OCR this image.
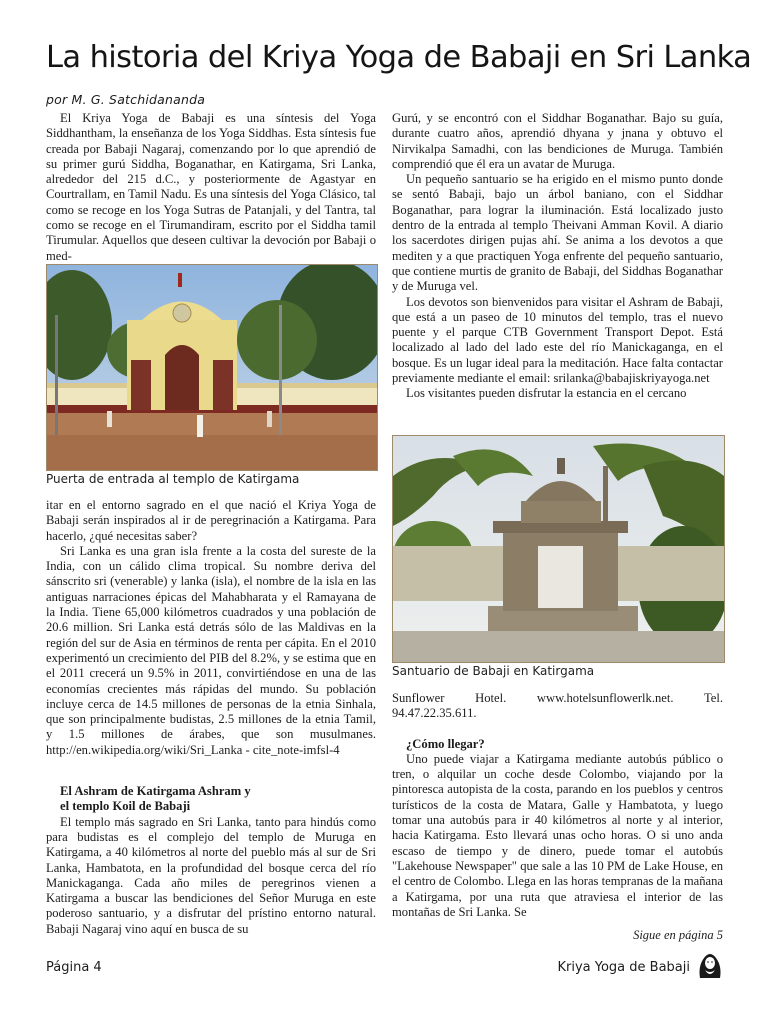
La historia del Kriya Yoga de Babaji en Sri Lanka
por M. G. Satchidananda

El Kriya Yoga de Babaji es una síntesis del Yoga Siddhantham, la enseñanza de los Yoga Siddhas. Esta síntesis fue creada por Babaji Nagaraj, comenzando por lo que aprendió de su primer gurú Siddha, Boganathar, en Katirgama, Sri Lanka, alrededor del 215 d.C., y posteriormente de Agastyar en Courtrallam, en Tamil Nadu. Es una síntesis del Yoga Clásico, tal como se recoge en los Yoga Sutras de Patanjali, y del Tantra, tal como se recoge en el Tirumandiram, escrito por el Siddha tamil Tirumular. Aquellos que deseen cultivar la devoción por Babaji o med-

Puerta de entrada al templo de Katirgama

itar en el entorno sagrado en el que nació el Kriya Yoga de Babaji serán inspirados al ir de peregrinación a Katirgama. Para hacerlo, ¿qué necesitas saber?

Sri Lanka es una gran isla frente a la costa del sureste de la India, con un cálido clima tropical. Su nombre deriva del sánscrito sri (venerable) y lanka (isla), el nombre de la isla en las antiguas narraciones épicas del Mahabharata y el Ramayana de la India. Tiene 65,000 kilómetros cuadrados y una población de 20.6 million. Sri Lanka está detrás sólo de las Maldivas en la región del sur de Asia en términos de renta per cápita. En el 2010 experimentó un crecimiento del PIB del 8.2%, y se estima que en el 2011 crecerá un 9.5% in 2011, convirtiéndose en una de las economías crecientes más rápidas del mundo. Su población incluye cerca de 14.5 millones de personas de la etnia Sinhala, que son principalmente budistas, 2.5 millones de la etnia Tamil, y 1.5 millones de árabes, que son musulmanes. http://en.wikipedia.org/wiki/Sri_Lanka - cite_note-imfsl-4

El Ashram de Katirgama Ashram y

el templo Koil de Babaji

El templo más sagrado en Sri Lanka, tanto para hindús como para budistas es el complejo del templo de Muruga en Katirgama, a 40 kilómetros al norte del pueblo más al sur de Sri Lanka, Hambatota, en la profundidad del bosque cerca del río Manickaganga. Cada año miles de peregrinos vienen a Katirgama a buscar las bendiciones del Señor Muruga en este poderoso santuario, y a disfrutar del prístino entorno natural. Babaji Nagaraj vino aquí en busca de su

Gurú, y se encontró con el Siddhar Boganathar. Bajo su guía, durante cuatro años, aprendió dhyana y jnana y obtuvo el Nirvikalpa Samadhi, con las bendiciones de Muruga. También comprendió que él era un avatar de Muruga.

Un pequeño santuario se ha erigido en el mismo punto donde se sentó Babaji, bajo un árbol baniano, con el Siddhar Boganathar, para lograr la iluminación. Está localizado justo dentro de la entrada al templo Theivani Amman Kovil. A diario los sacerdotes dirigen pujas ahí. Se anima a los devotos a que mediten y a que practiquen Yoga enfrente del pequeño santuario, que contiene murtis de granito de Babaji, del Siddhas Boganathar y de Muruga vel.

Los devotos son bienvenidos para visitar el Ashram de Babaji, que está a un paseo de 10 minutos del templo, tras el nuevo puente y el parque CTB Government Transport Depot. Está localizado al lado del lado este del río Manickaganga, en el bosque. Es un lugar ideal para la meditación. Hace falta contactar previamente mediante el email: srilanka@babajiskriyayoga.net

Los visitantes pueden disfrutar la estancia en el cercano

Santuario de Babaji en Katirgama

Sunflower Hotel. www.hotelsunflowerlk.net. Tel. 94.47.22.35.611.

¿Cómo llegar?

Uno puede viajar a Katirgama mediante autobús público o tren, o alquilar un coche desde Colombo, viajando por la pintoresca autopista de la costa, parando en los pueblos y centros turísticos de la costa de Matara, Galle y Hambatota, y luego tomar una autobús para ir 40 kilómetros al norte y al interior, hacia Katirgama. Esto llevará unas ocho horas. O si uno anda escaso de tiempo y de dinero, puede tomar el autobús "Lakehouse Newspaper" que sale a las 10 PM de Lake House, en el centro de Colombo. Llega en las horas tempranas de la mañana a Katirgama, por una ruta que atraviesa el interior de las montañas de Sri Lanka. Se

Sigue en página 5
Página 4	Kriya Yoga de Babaji
